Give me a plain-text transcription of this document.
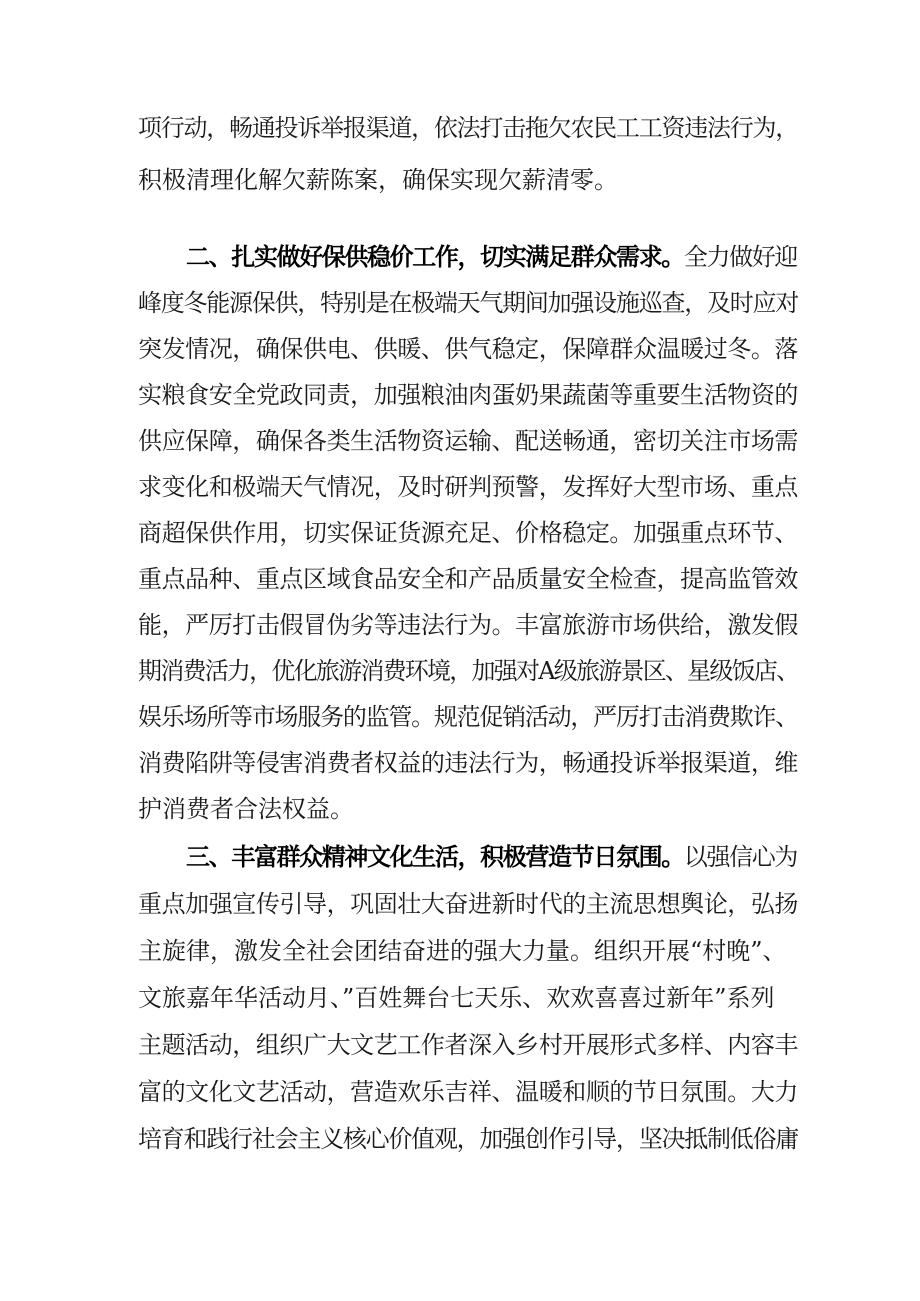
项行动，畅通投诉举报渠道，依法打击拖欠农民工工资违法行为，
积极清理化解欠薪陈案，确保实现欠薪清零。
二、扎实做好保供稳价工作，切实满足群众需求。全力做好迎
峰度冬能源保供，特别是在极端天气期间加强设施巡查，及时应对
突发情况，确保供电、供暖、供气稳定，保障群众温暖过冬。落
实粮食安全党政同责，加强粮油肉蛋奶果蔬菌等重要生活物资的
供应保障，确保各类生活物资运输、配送畅通，密切关注市场需
求变化和极端天气情况，及时研判预警，发挥好大型市场、重点
商超保供作用，切实保证货源充足、价格稳定。加强重点环节、
重点品种、重点区域食品安全和产品质量安全检查，提高监管效
能，严厉打击假冒伪劣等违法行为。丰富旅游市场供给，激发假
期消费活力，优化旅游消费环境，加强对A级旅游景区、星级饭店、
娱乐场所等市场服务的监管。规范促销活动，严厉打击消费欺诈、
消费陷阱等侵害消费者权益的违法行为，畅通投诉举报渠道，维
护消费者合法权益。
三、丰富群众精神文化生活，积极营造节日氛围。以强信心为
重点加强宣传引导，巩固壮大奋进新时代的主流思想舆论，弘扬
主旋律，激发全社会团结奋进的强大力量。组织开展“村晚”、
文旅嘉年华活动月、”百姓舞台七天乐、欢欢喜喜过新年”系列
主题活动，组织广大文艺工作者深入乡村开展形式多样、内容丰
富的文化文艺活动，营造欢乐吉祥、温暖和顺的节日氛围。大力
培育和践行社会主义核心价值观，加强创作引导，坚决抵制低俗庸
